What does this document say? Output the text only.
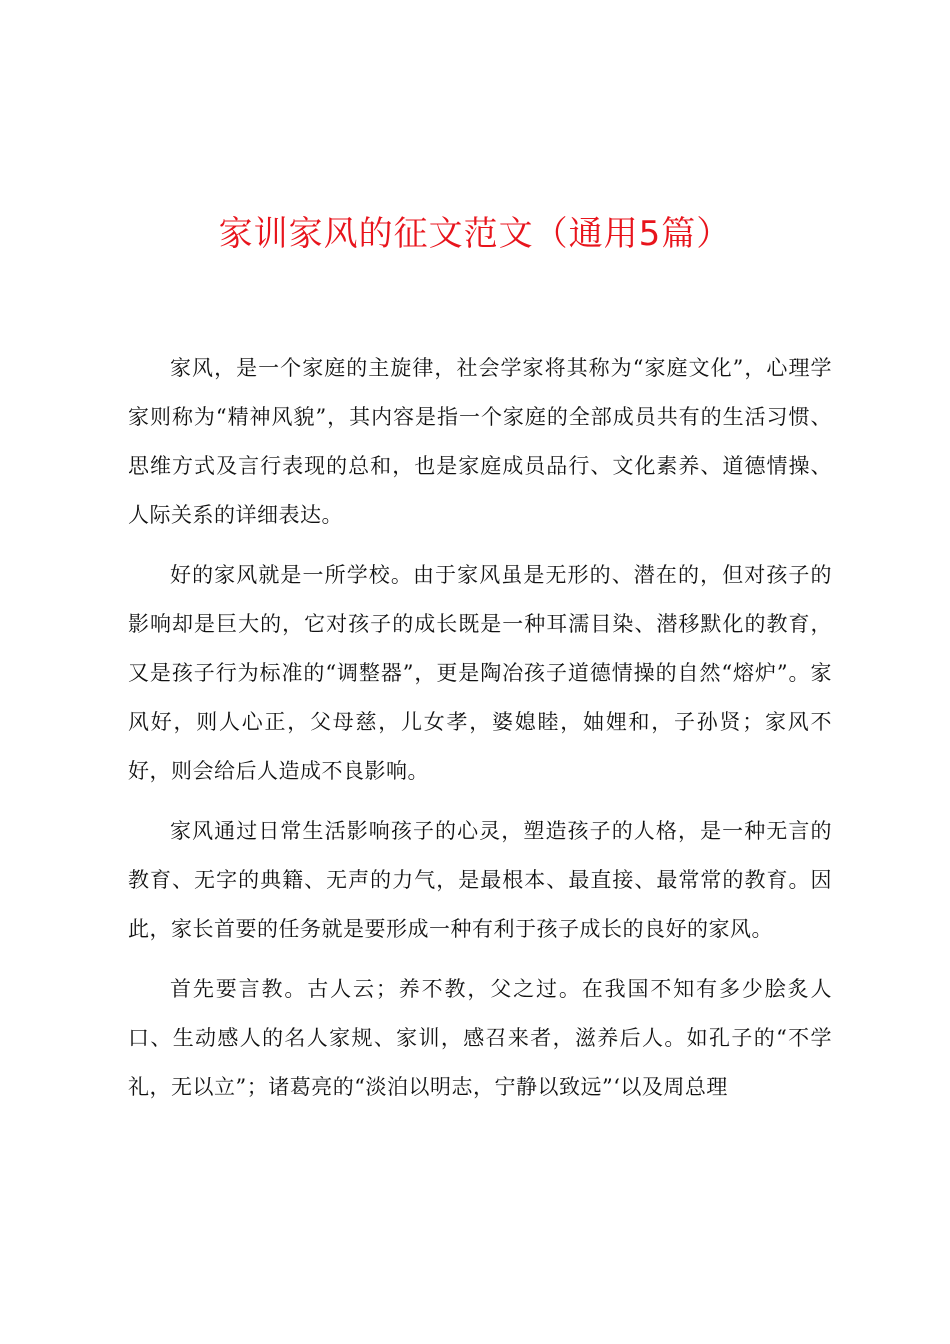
家训家风的征文范文（通用5篇）

家风，是一个家庭的主旋律，社会学家将其称为“家庭文化”，心理学家则称为“精神风貌”，其内容是指一个家庭的全部成员共有的生活习惯、思维方式及言行表现的总和，也是家庭成员品行、文化素养、道德情操、人际关系的详细表达。

好的家风就是一所学校。由于家风虽是无形的、潜在的，但对孩子的影响却是巨大的，它对孩子的成长既是一种耳濡目染、潜移默化的教育，又是孩子行为标准的“调整器”，更是陶冶孩子道德情操的自然“熔炉”。家风好，则人心正，父母慈，儿女孝，婆媳睦，妯娌和，子孙贤；家风不好，则会给后人造成不良影响。

家风通过日常生活影响孩子的心灵，塑造孩子的人格，是一种无言的教育、无字的典籍、无声的力气，是最根本、最直接、最常常的教育。因此，家长首要的任务就是要形成一种有利于孩子成长的良好的家风。

首先要言教。古人云；养不教，父之过。在我国不知有多少脍炙人口、生动感人的名人家规、家训，感召来者，滋养后人。如孔子的“不学礼，无以立”；诸葛亮的“淡泊以明志，宁静以致远”‘以及周总理
